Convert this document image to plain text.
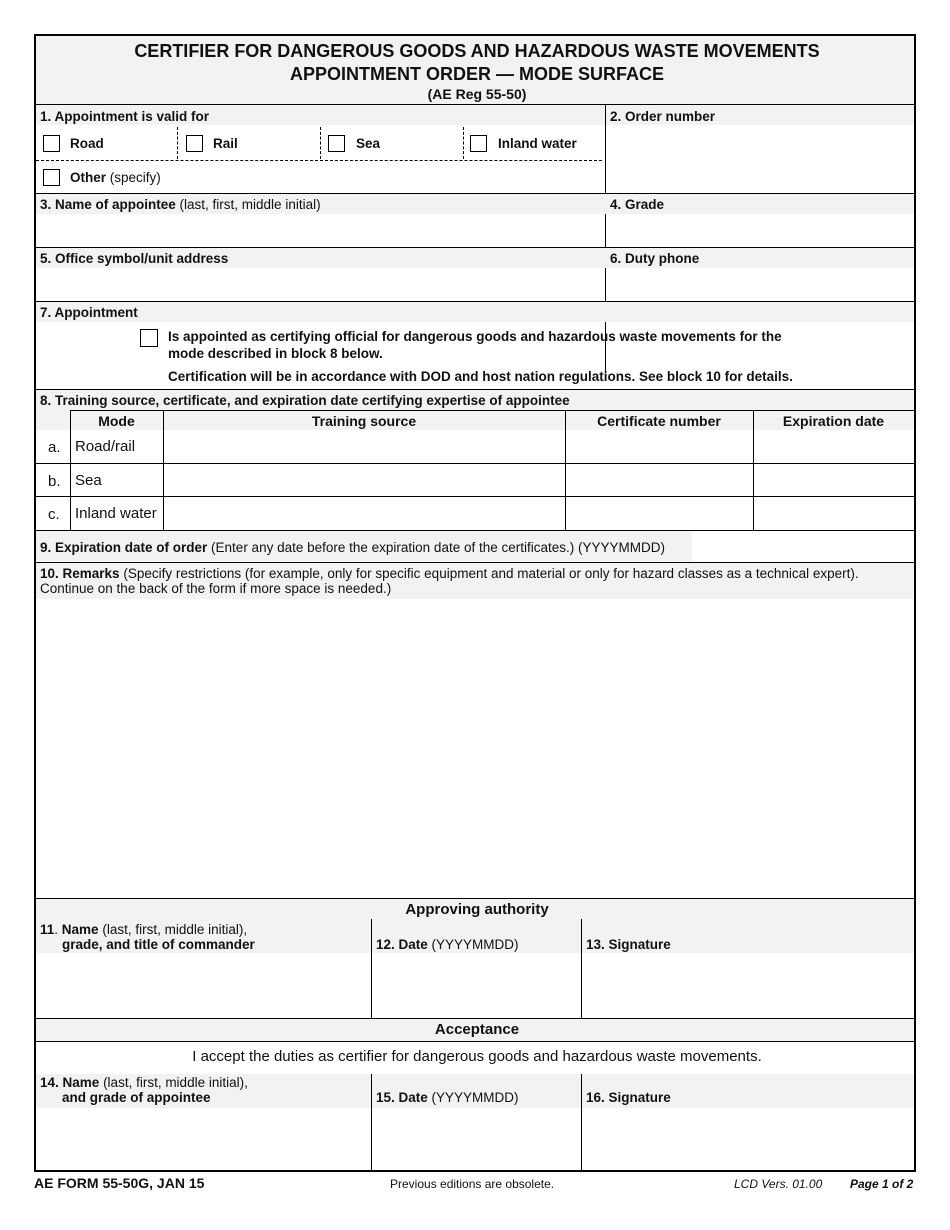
CERTIFIER FOR DANGEROUS GOODS AND HAZARDOUS WASTE MOVEMENTS
APPOINTMENT ORDER — MODE SURFACE
(AE Reg 55-50)
1. Appointment is valid for	2. Order number
Road	Rail	Sea	Inland water
Other (specify)
3. Name of appointee (last, first, middle initial)	4. Grade
5. Office symbol/unit address	6. Duty phone
7. Appointment
Is appointed as certifying official for dangerous goods and hazardous waste movements for the
mode described in block 8 below.
Certification will be in accordance with DOD and host nation regulations. See block 10 for details.
8. Training source, certificate, and expiration date certifying expertise of appointee
Mode	Training source	Certificate number	Expiration date
a. Road/rail
b. Sea
c. Inland water
9. Expiration date of order (Enter any date before the expiration date of the certificates.) (YYYYMMDD)
10. Remarks (Specify restrictions (for example, only for specific equipment and material or only for hazard classes as a technical expert).
Continue on the back of the form if more space is needed.)
Approving authority
11. Name (last, first, middle initial),
grade, and title of commander	12. Date (YYYYMMDD)	13. Signature
Acceptance
I accept the duties as certifier for dangerous goods and hazardous waste movements.
14. Name (last, first, middle initial),
and grade of appointee	15. Date (YYYYMMDD)	16. Signature
AE FORM 55-50G, JAN 15	Previous editions are obsolete.	LCD Vers. 01.00 Page 1 of 2
